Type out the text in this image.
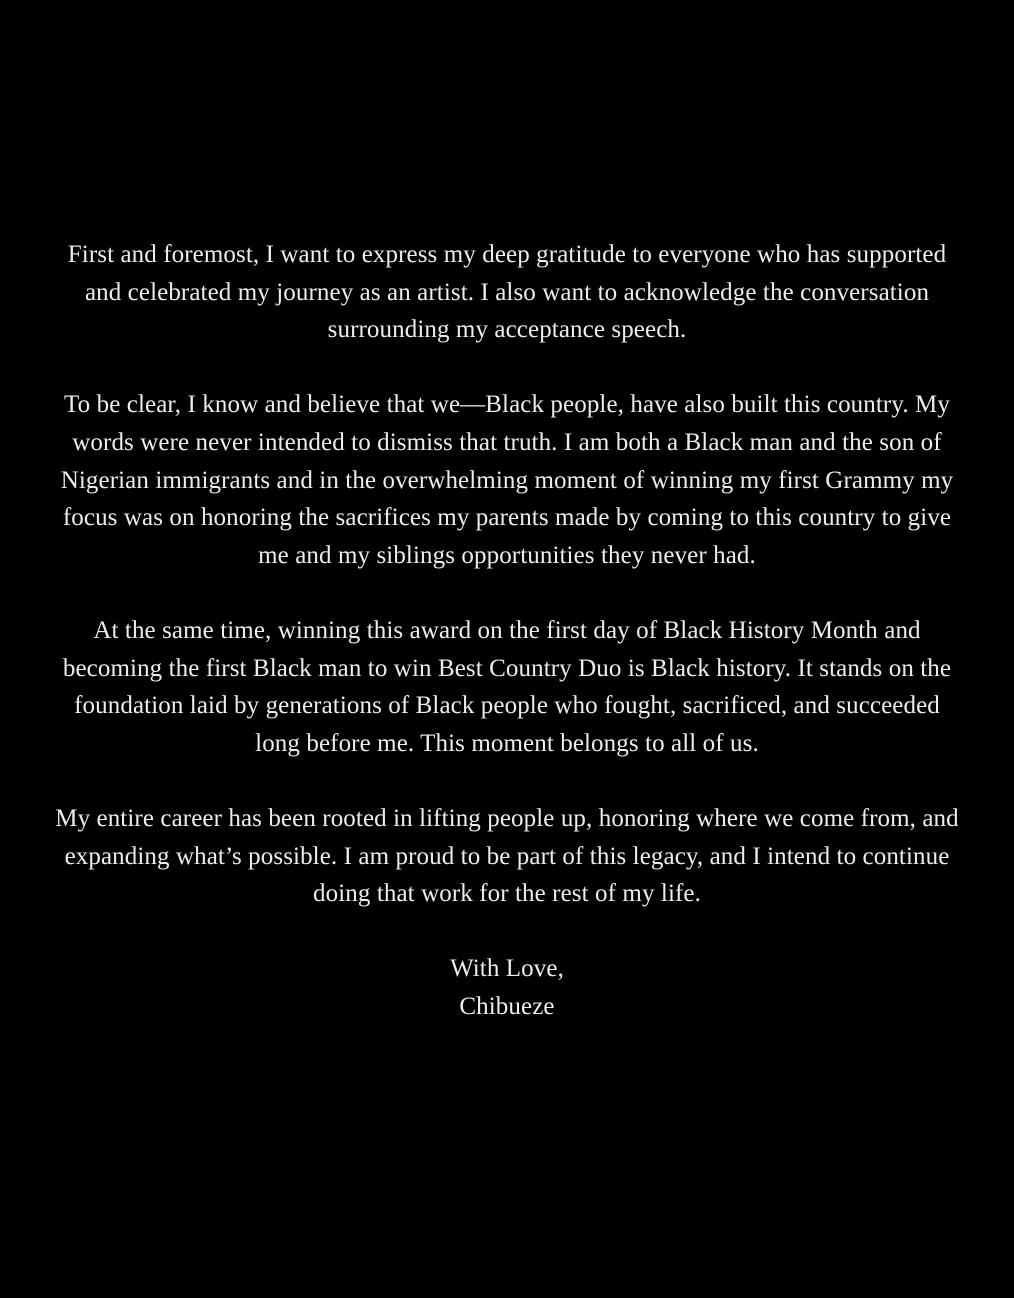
First and foremost, I want to express my deep gratitude to everyone who has supported and celebrated my journey as an artist. I also want to acknowledge the conversation surrounding my acceptance speech.

To be clear, I know and believe that we—Black people, have also built this country. My words were never intended to dismiss that truth. I am both a Black man and the son of Nigerian immigrants and in the overwhelming moment of winning my first Grammy my focus was on honoring the sacrifices my parents made by coming to this country to give me and my siblings opportunities they never had.

At the same time, winning this award on the first day of Black History Month and becoming the first Black man to win Best Country Duo is Black history. It stands on the foundation laid by generations of Black people who fought, sacrificed, and succeeded long before me. This moment belongs to all of us.

My entire career has been rooted in lifting people up, honoring where we come from, and expanding what’s possible. I am proud to be part of this legacy, and I intend to continue doing that work for the rest of my life.

With Love,
Chibueze
